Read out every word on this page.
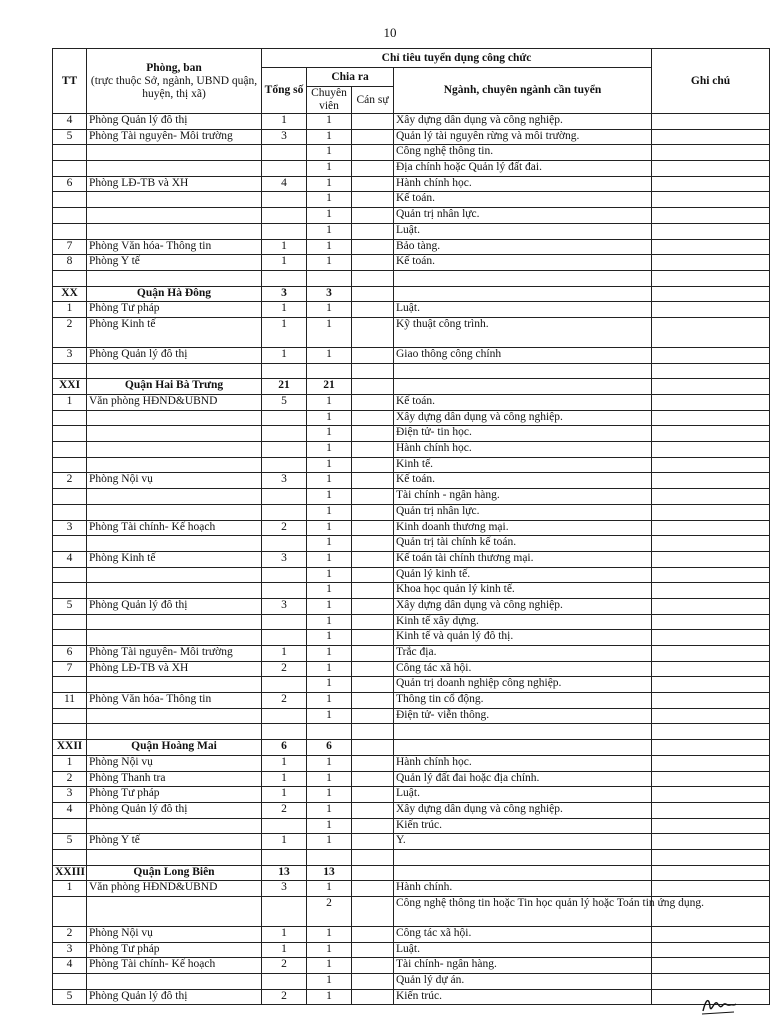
10
TT	Phòng, ban
(trực thuộc Sở, ngành, UBND quận,
huyện, thị xã)	Chỉ tiêu tuyển dụng công chức				Ghi chú
		Tổng số	Chia ra		Ngành, chuyên ngành cần tuyển	
			Chuyên viên	Cán sự		
4	Phòng Quản lý đô thị	1	1		Xây dựng dân dụng và công nghiệp.	
5	Phòng Tài nguyên- Môi trường	3	1		Quản lý tài nguyên rừng và môi trường.	
			1		Công nghệ thông tin.	
			1		Địa chính hoặc Quản lý đất đai.	
6	Phòng LĐ-TB và XH	4	1		Hành chính học.	
			1		Kế toán.	
			1		Quản trị nhân lực.	
			1		Luật.	
7	Phòng Văn hóa- Thông tin	1	1		Bảo tàng.	
8	Phòng Y tế	1	1		Kế toán.	

XX	Quận Hà Đông	3	3			
1	Phòng Tư pháp	1	1		Luật.	
2	Phòng Kinh tế	1	1		Kỹ thuật công trình.	
3	Phòng Quản lý đô thị	1	1		Giao thông công chính	

XXI	Quận Hai Bà Trưng	21	21			
1	Văn phòng HĐND&UBND	5	1		Kế toán.	
			1		Xây dựng dân dụng và công nghiệp.	
			1		Điện tử- tin học.	
			1		Hành chính học.	
			1		Kinh tế.	
2	Phòng Nội vụ	3	1		Kế toán.	
			1		Tài chính - ngân hàng.	
			1		Quản trị nhân lực.	
3	Phòng Tài chính- Kế hoạch	2	1		Kinh doanh thương mại.	
			1		Quản trị tài chính kế toán.	
4	Phòng Kinh tế	3	1		Kế toán tài chính thương mại.	
			1		Quản lý kinh tế.	
			1		Khoa học quản lý kinh tế.	
5	Phòng Quản lý đô thị	3	1		Xây dựng dân dụng và công nghiệp.	
			1		Kinh tế xây dựng.	
			1		Kinh tế và quản lý đô thị.	
6	Phòng Tài nguyên- Môi trường	1	1		Trắc địa.	
7	Phòng LĐ-TB và XH	2	1		Công tác xã hội.	
			1		Quản trị doanh nghiệp công nghiệp.	
11	Phòng Văn hóa- Thông tin	2	1		Thông tin cổ động.	
			1		Điện tử- viễn thông.	

XXII	Quận Hoàng Mai	6	6			
1	Phòng Nội vụ	1	1		Hành chính học.	
2	Phòng Thanh tra	1	1		Quản lý đất đai hoặc địa chính.	
3	Phòng Tư pháp	1	1		Luật.	
4	Phòng Quản lý đô thị	2	1		Xây dựng dân dụng và công nghiệp.	
			1		Kiến trúc.	
5	Phòng Y tế	1	1		Y.	

XXIII	Quận Long Biên	13	13			
1	Văn phòng HĐND&UBND	3	1		Hành chính.	
			2		Công nghệ thông tin hoặc Tin học quản lý hoặc Toán tin ứng dụng.	
2	Phòng Nội vụ	1	1		Công tác xã hội.	
3	Phòng Tư pháp	1	1		Luật.	
4	Phòng Tài chính- Kế hoạch	2	1		Tài chính- ngân hàng.	
			1		Quản lý dự án.	
5	Phòng Quản lý đô thị	2	1		Kiến trúc.	
